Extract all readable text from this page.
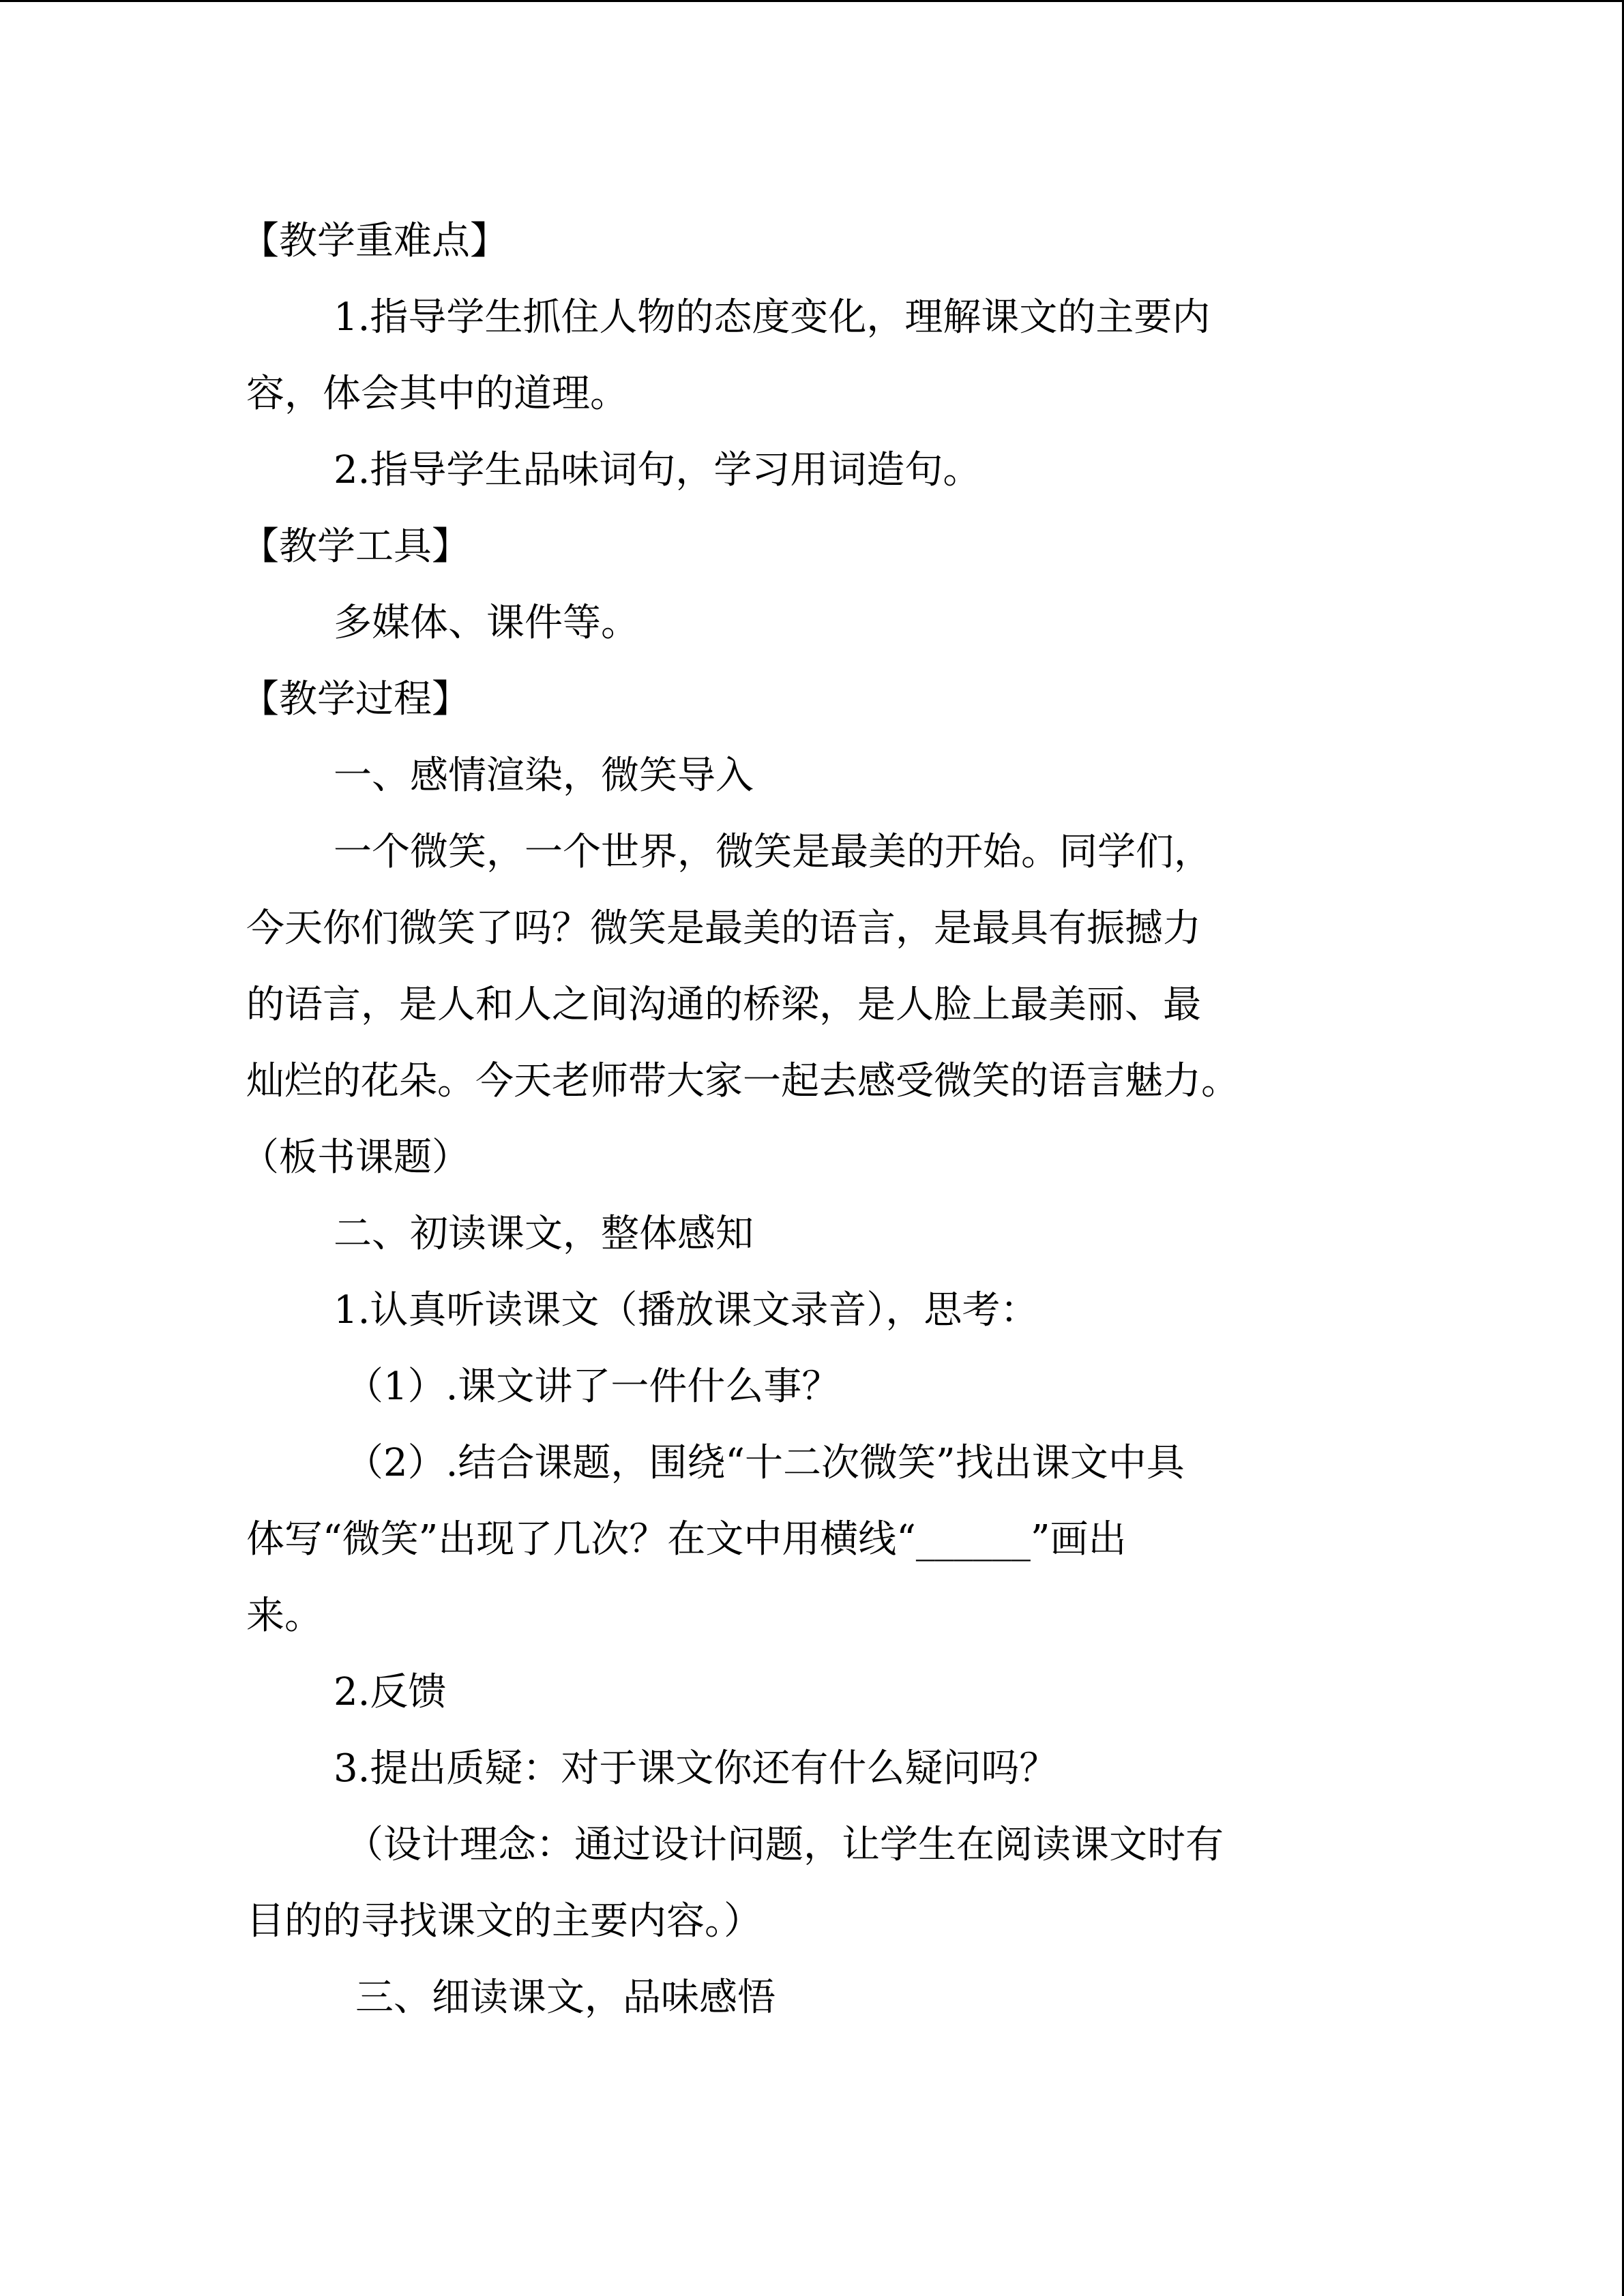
【教学重难点】

1.指导学生抓住人物的态度变化，理解课文的主要内

容，体会其中的道理。

2.指导学生品味词句，学习用词造句。

【教学工具】

多媒体、课件等。

【教学过程】

一、感情渲染，微笑导入

一个微笑，一个世界，微笑是最美的开始。同学们，

今天你们微笑了吗？微笑是最美的语言，是最具有振撼力

的语言，是人和人之间沟通的桥梁，是人脸上最美丽、最

灿烂的花朵。今天老师带大家一起去感受微笑的语言魅力。

（板书课题）

二、初读课文，整体感知

1.认真听读课文（播放课文录音），思考：

（1）.课文讲了一件什么事？

（2）.结合课题，围绕“十二次微笑”找出课文中具

体写“微笑”出现了几次？在文中用横线“______”画出

来。

2.反馈

3.提出质疑：对于课文你还有什么疑问吗？

（设计理念：通过设计问题，让学生在阅读课文时有

目的的寻找课文的主要内容。）

三、细读课文，品味感悟
